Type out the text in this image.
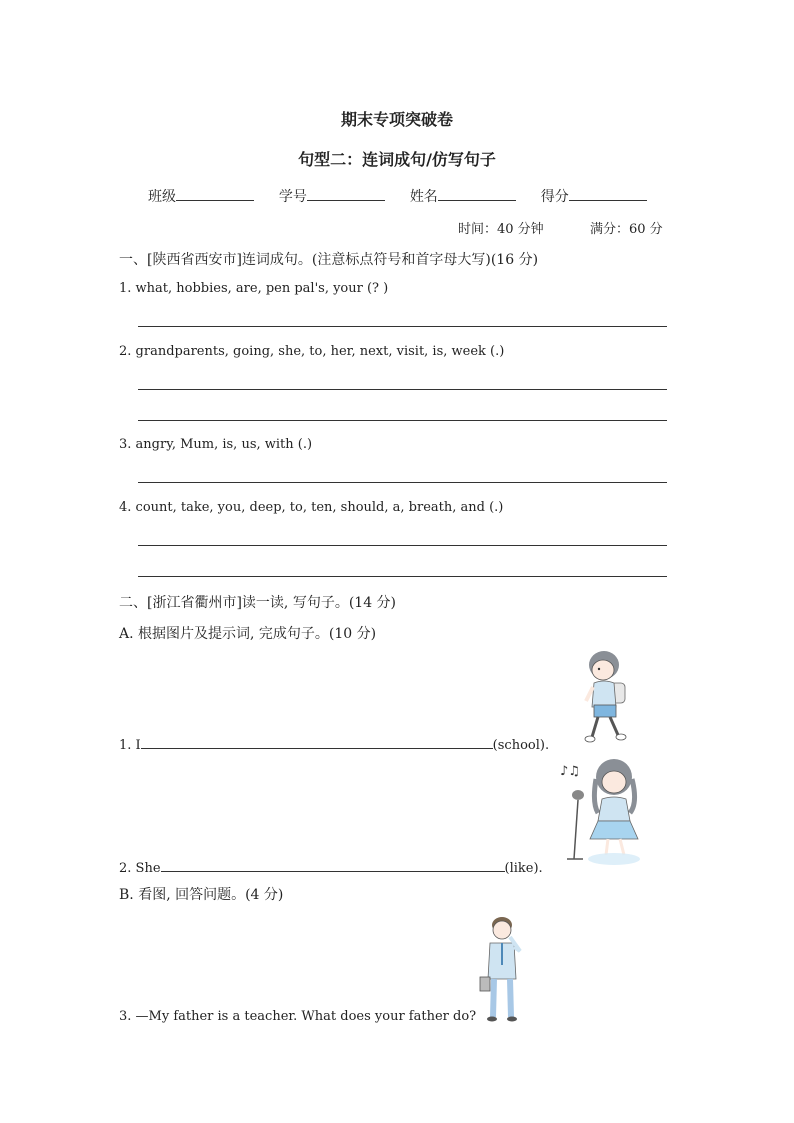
期末专项突破卷
句型二：连词成句/仿写句子
班级	学号	姓名	得分
时间：40 分钟	满分：60 分
一、[陕西省西安市]连词成句。(注意标点符号和首字母大写)(16 分)
1. what, hobbies, are, pen pal's, your (? )
2. grandparents, going, she, to, her, next, visit, is, week (.)
3. angry, Mum, is, us, with (.)
4. count, take, you, deep, to, ten, should, a, breath, and (.)
二、[浙江省衢州市]读一读, 写句子。(14 分)
A. 根据图片及提示词, 完成句子。(10 分)
1. I	(school).
2. She	(like).
B. 看图, 回答问题。(4 分)
3. —My father is a teacher. What does your father do?
♪♫
